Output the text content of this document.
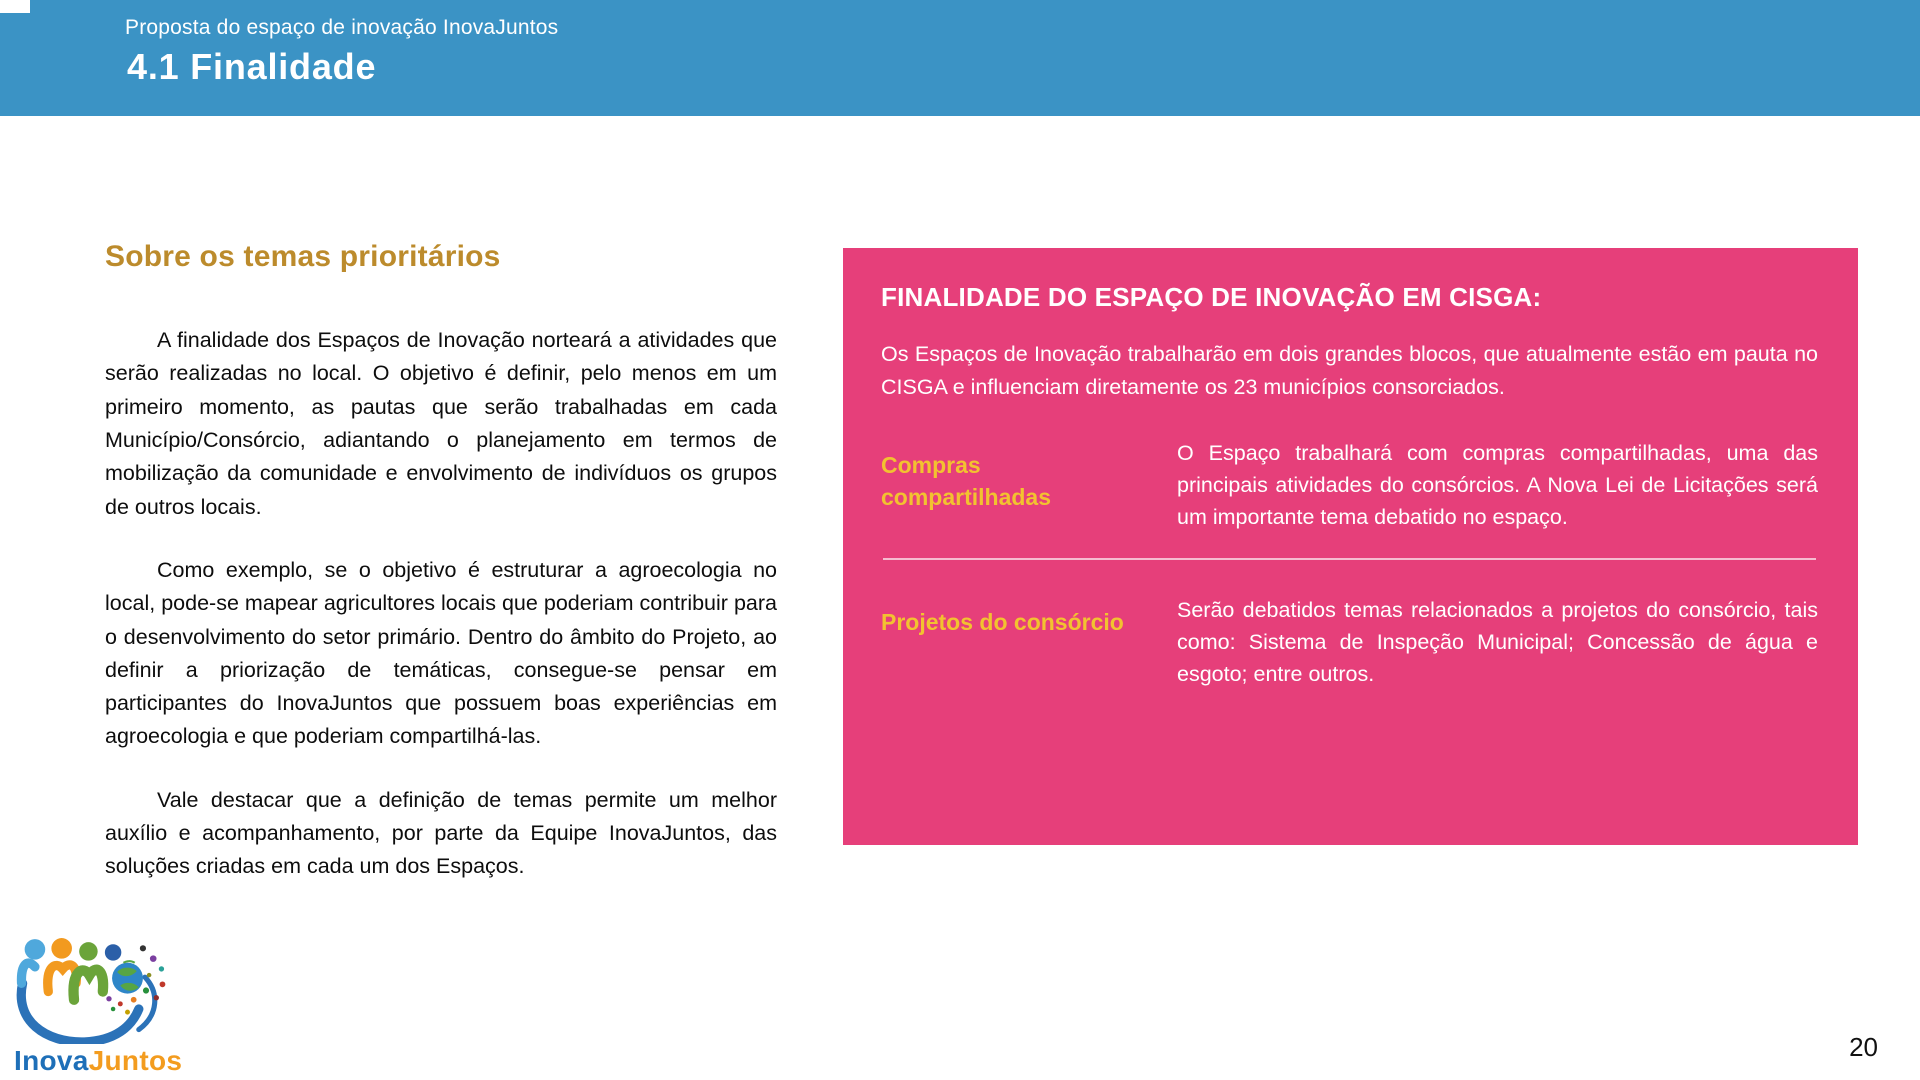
Proposta do espaço de inovação InovaJuntos
4.1 Finalidade
Sobre os temas prioritários

A finalidade dos Espaços de Inovação norteará a atividades que serão realizadas no local. O objetivo é definir, pelo menos em um primeiro momento, as pautas que serão trabalhadas em cada Município/Consórcio, adiantando o planejamento em termos de mobilização da comunidade e envolvimento de indivíduos os grupos de outros locais.

Como exemplo, se o objetivo é estruturar a agroecologia no local, pode-se mapear agricultores locais que poderiam contribuir para o desenvolvimento do setor primário. Dentro do âmbito do Projeto, ao definir a priorização de temáticas, consegue-se pensar em participantes do InovaJuntos que possuem boas experiências em agroecologia e que poderiam compartilhá-las.

Vale destacar que a definição de temas permite um melhor auxílio e acompanhamento, por parte da Equipe InovaJuntos, das soluções criadas em cada um dos Espaços.

FINALIDADE DO ESPAÇO DE INOVAÇÃO EM CISGA:

Os Espaços de Inovação trabalharão em dois grandes blocos, que atualmente estão em pauta no CISGA e influenciam diretamente os 23 municípios consorciados.

Compras compartilhadas

O Espaço trabalhará com compras compartilhadas, uma das principais atividades do consórcios. A Nova Lei de Licitações será um importante tema debatido no espaço.

Projetos do consórcio Serão debatidos temas relacionados a projetos do consórcio, tais como: Sistema de Inspeção Municipal; Concessão de água e esgoto; entre outros.

InovaJuntos	20
